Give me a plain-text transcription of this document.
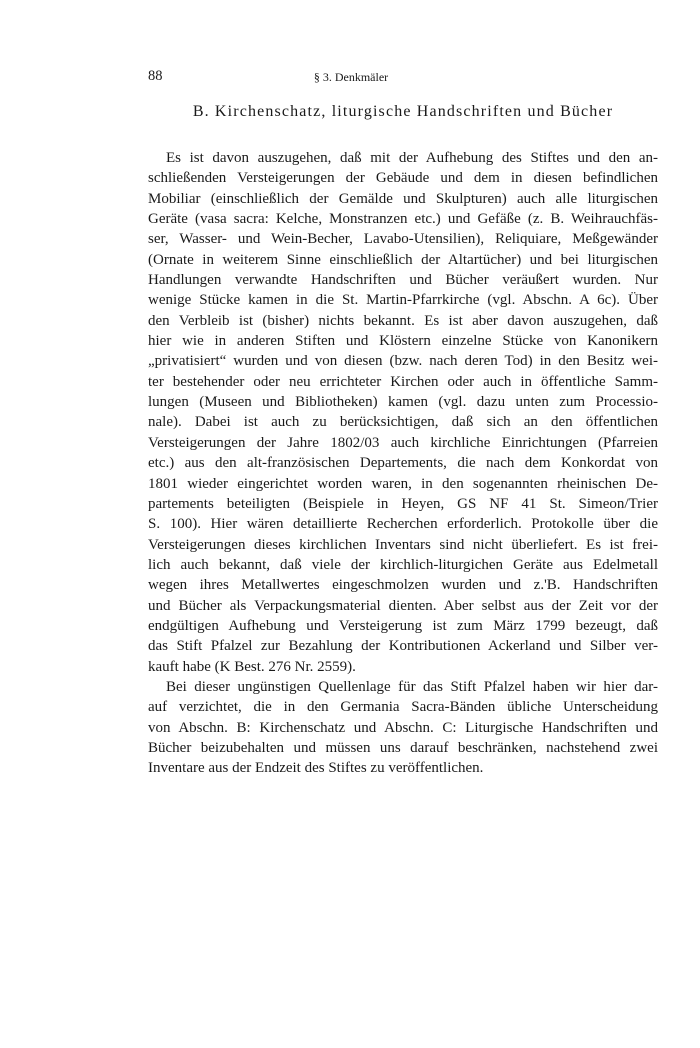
88	§ 3. Denkmäler
B. Kirchenschatz, liturgische Handschriften und Bücher
Es ist davon auszugehen, daß mit der Aufhebung des Stiftes und den an-
schließenden Versteigerungen der Gebäude und dem in diesen befindlichen
Mobiliar (einschließlich der Gemälde und Skulpturen) auch alle liturgischen
Geräte (vasa sacra: Kelche, Monstranzen etc.) und Gefäße (z. B. Weihrauchfäs-
ser, Wasser- und Wein-Becher, Lavabo-Utensilien), Reliquiare, Meßgewänder
(Ornate in weiterem Sinne einschließlich der Altartücher) und bei liturgischen
Handlungen verwandte Handschriften und Bücher veräußert wurden. Nur
wenige Stücke kamen in die St. Martin-Pfarrkirche (vgl. Abschn. A 6c). Über
den Verbleib ist (bisher) nichts bekannt. Es ist aber davon auszugehen, daß
hier wie in anderen Stiften und Klöstern einzelne Stücke von Kanonikern
„privatisiert“ wurden und von diesen (bzw. nach deren Tod) in den Besitz wei-
ter bestehender oder neu errichteter Kirchen oder auch in öffentliche Samm-
lungen (Museen und Bibliotheken) kamen (vgl. dazu unten zum Processio-
nale). Dabei ist auch zu berücksichtigen, daß sich an den öffentlichen
Versteigerungen der Jahre 1802/03 auch kirchliche Einrichtungen (Pfarreien
etc.) aus den alt-französischen Departements, die nach dem Konkordat von
1801 wieder eingerichtet worden waren, in den sogenannten rheinischen De-
partements beteiligten (Beispiele in Heyen, GS NF 41 St. Simeon/Trier
S. 100). Hier wären detaillierte Recherchen erforderlich. Protokolle über die
Versteigerungen dieses kirchlichen Inventars sind nicht überliefert. Es ist frei-
lich auch bekannt, daß viele der kirchlich-liturgichen Geräte aus Edelmetall
wegen ihres Metallwertes eingeschmolzen wurden und z.'B. Handschriften
und Bücher als Verpackungsmaterial dienten. Aber selbst aus der Zeit vor der
endgültigen Aufhebung und Versteigerung ist zum März 1799 bezeugt, daß
das Stift Pfalzel zur Bezahlung der Kontributionen Ackerland und Silber ver-
kauft habe (K Best. 276 Nr. 2559).
Bei dieser ungünstigen Quellenlage für das Stift Pfalzel haben wir hier dar-
auf verzichtet, die in den Germania Sacra-Bänden übliche Unterscheidung
von Abschn. B: Kirchenschatz und Abschn. C: Liturgische Handschriften und
Bücher beizubehalten und müssen uns darauf beschränken, nachstehend zwei
Inventare aus der Endzeit des Stiftes zu veröffentlichen.
